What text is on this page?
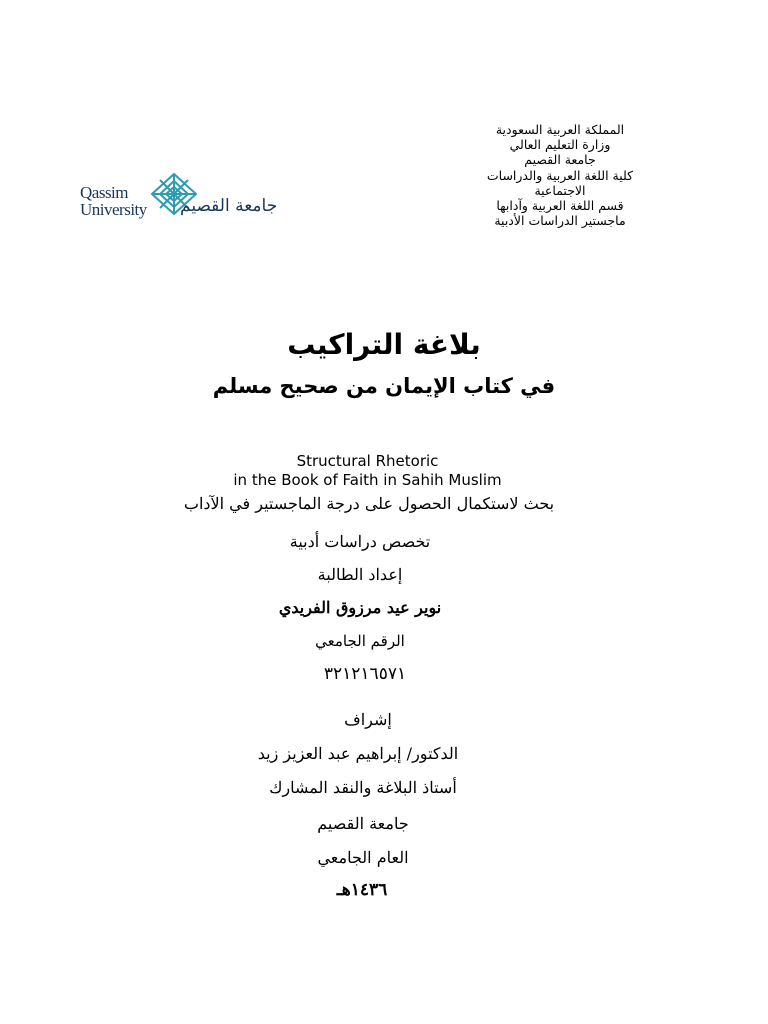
المملكة العربية السعودية
وزارة التعليم العالي
جامعة القصيم
كلية اللغة العربية والدراسات
الاجتماعية
قسم اللغة العربية وآدابها
ماجستير الدراسات الأدبية
Qassim
University جامعة القصيم
بلاغة التراكيب
في كتاب الإيمان من صحيح مسلم
Structural Rhetoric
in the Book of Faith in Sahih Muslim
بحث لاستكمال الحصول على درجة الماجستير في الآداب
تخصص دراسات أدبية
إعداد الطالبة
نوير عيد مرزوق الفريدي
الرقم الجامعي
٣٢١٢١٦٥٧١
إشراف
الدكتور/ إبراهيم عبد العزيز زيد
أستاذ البلاغة والنقد المشارك
جامعة القصيم
العام الجامعي
١٤٣٦هـ
